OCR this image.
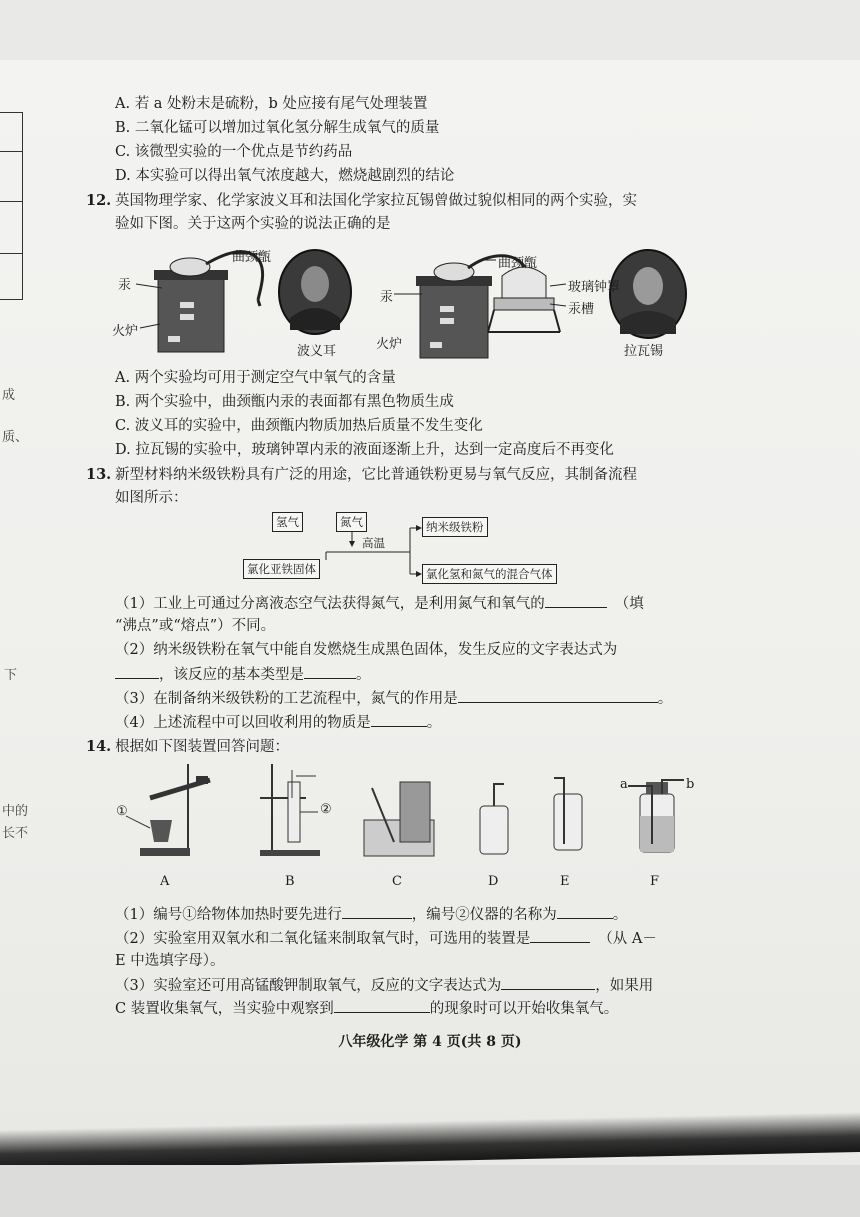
成
质、
下
中的
长不
A. 若 a 处粉末是硫粉，b 处应接有尾气处理装置
B. 二氧化锰可以增加过氧化氢分解生成氧气的质量
C. 该微型实验的一个优点是节约药品
D. 本实验可以得出氧气浓度越大，燃烧越剧烈的结论
12. 英国物理学家、化学家波义耳和法国化学家拉瓦锡曾做过貌似相同的两个实验，实
验如下图。关于这两个实验的说法正确的是
曲颈甑
汞
火炉
波义耳
曲颈甑
玻璃钟罩
汞槽
汞
火炉	拉瓦锡
A. 两个实验均可用于测定空气中氧气的含量
B. 两个实验中，曲颈甑内汞的表面都有黑色物质生成
C. 波义耳的实验中，曲颈甑内物质加热后质量不发生变化
D. 拉瓦锡的实验中，玻璃钟罩内汞的液面逐渐上升，达到一定高度后不再变化
13. 新型材料纳米级铁粉具有广泛的用途，它比普通铁粉更易与氧气反应，其制备流程
如图所示：
氢气	氮气
高温
氯化亚铁固体
纳米级铁粉
氯化氢和氮气的混合气体
（1）工业上可通过分离液态空气法获得氮气，是利用氮气和氧气的	（填
“沸点”或“熔点”）不同。
（2）纳米级铁粉在氧气中能自发燃烧生成黑色固体，发生反应的文字表达式为
，该反应的基本类型是	。
（3）在制备纳米级铁粉的工艺流程中，氮气的作用是	。
（4）上述流程中可以回收利用的物质是	。
14. 根据如下图装置回答问题：
①	②
a	b
A	B	C	D	E	F
（1）编号①给物体加热时要先进行	，编号②仪器的名称为	。
（2）实验室用双氧水和二氧化锰来制取氧气时，可选用的装置是	（从 A－
E 中选填字母）。
（3）实验室还可用高锰酸钾制取氧气，反应的文字表达式为	，如果用
C 装置收集氧气，当实验中观察到	的现象时可以开始收集氧气。
八年级化学 第 4 页(共 8 页)
